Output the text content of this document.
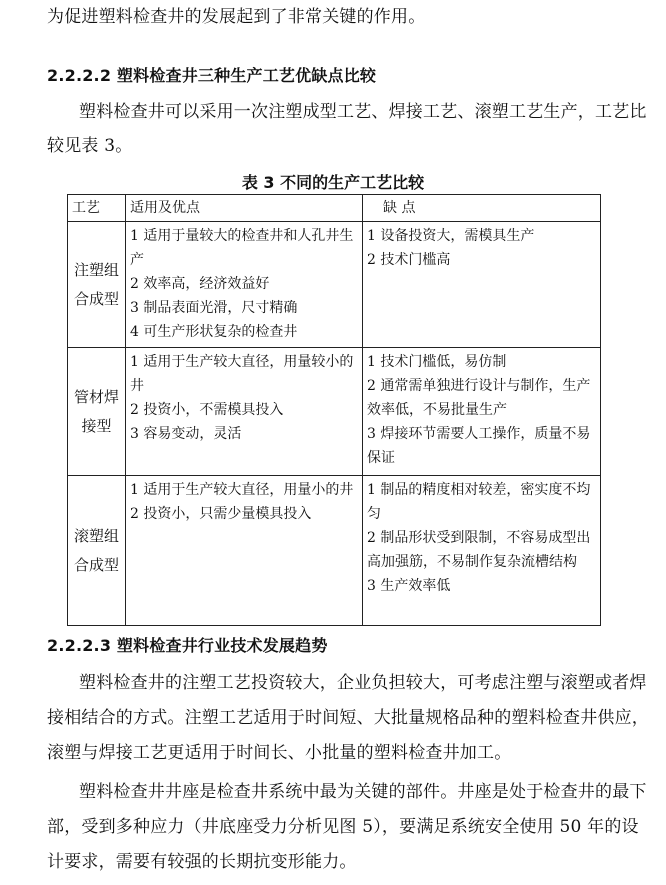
为促进塑料检查井的发展起到了非常关键的作用。
2.2.2.2 塑料检查井三种生产工艺优缺点比较
塑料检查井可以采用一次注塑成型工艺、焊接工艺、滚塑工艺生产，工艺比
较见表 3。
表 3 不同的生产工艺比较
工艺	适用及优点	缺 点
注塑组合成型	1 适用于量较大的检查井和人孔井生产
2 效率高，经济效益好
3 制品表面光滑，尺寸精确
4 可生产形状复杂的检查井	1 设备投资大，需模具生产
2 技术门槛高

管材焊接型	1 适用于生产较大直径，用量较小的井
2 投资小，不需模具投入
3 容易变动，灵活	1 技术门槛低，易仿制
2 通常需单独进行设计与制作，生产效率低，不易批量生产
3 焊接环节需要人工操作，质量不易保证

滚塑组合成型	1 适用于生产较大直径，用量小的井
2 投资小，只需少量模具投入	1 制品的精度相对较差，密实度不均匀
2 制品形状受到限制，不容易成型出高加强筋，不易制作复杂流槽结构
3 生产效率低
2.2.2.3 塑料检查井行业技术发展趋势
塑料检查井的注塑工艺投资较大，企业负担较大，可考虑注塑与滚塑或者焊
接相结合的方式。注塑工艺适用于时间短、大批量规格品种的塑料检查井供应，
滚塑与焊接工艺更适用于时间长、小批量的塑料检查井加工。
塑料检查井井座是检查井系统中最为关键的部件。井座是处于检查井的最下
部，受到多种应力（井底座受力分析见图 5），要满足系统安全使用 50 年的设
计要求，需要有较强的长期抗变形能力。
